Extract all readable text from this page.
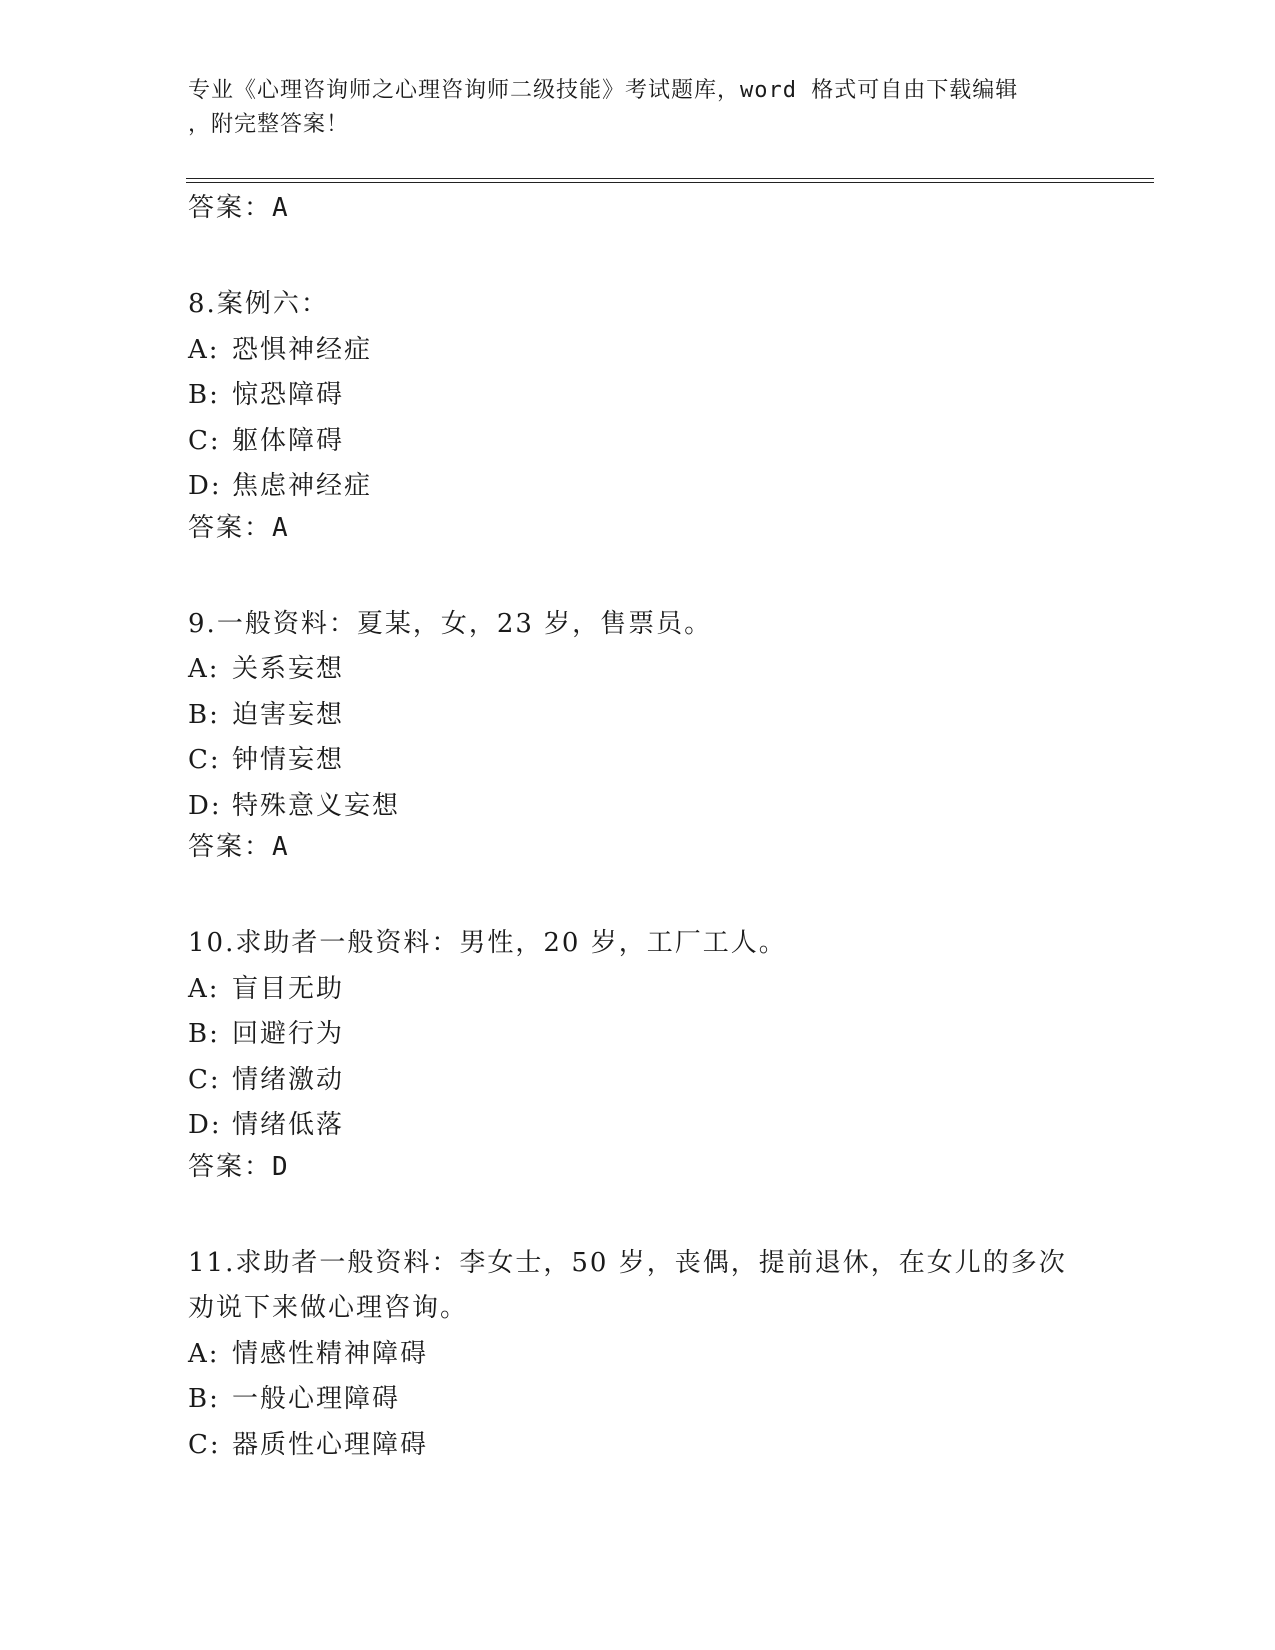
专业《心理咨询师之心理咨询师二级技能》考试题库，word 格式可自由下载编辑
，附完整答案！
答案：A
8.案例六：
A: 恐惧神经症
B: 惊恐障碍
C: 躯体障碍
D: 焦虑神经症
答案：A
9.一般资料：夏某，女，23 岁，售票员。
A: 关系妄想
B: 迫害妄想
C: 钟情妄想
D: 特殊意义妄想
答案：A
10.求助者一般资料：男性，20 岁，工厂工人。
A: 盲目无助
B: 回避行为
C: 情绪激动
D: 情绪低落
答案：D
11.求助者一般资料：李女士，50 岁，丧偶，提前退休，在女儿的多次
劝说下来做心理咨询。
A: 情感性精神障碍
B: 一般心理障碍
C: 器质性心理障碍
